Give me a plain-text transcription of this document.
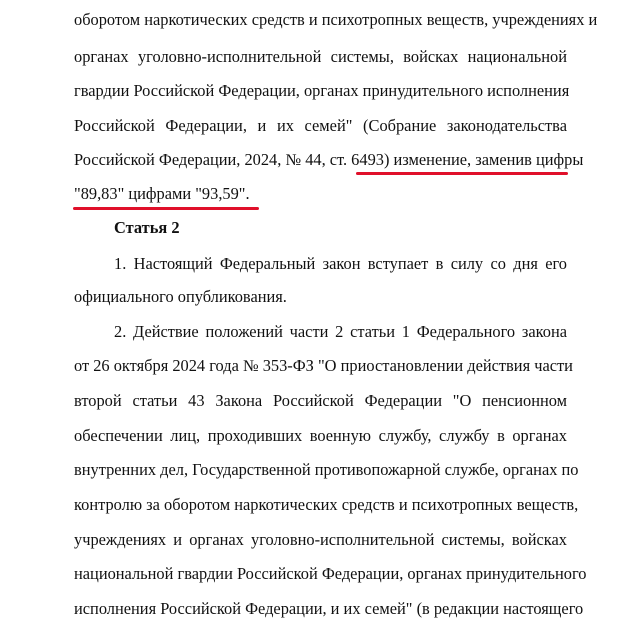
оборотом наркотических средств и психотропных веществ, учреждениях и
органах уголовно-исполнительной системы, войсках национальной
гвардии Российской Федерации, органах принудительного исполнения
Российской Федерации, и их семей" (Собрание законодательства
Российской Федерации, 2024, № 44, ст. 6493) изменение, заменив цифры
"89,83" цифрами "93,59".
Статья 2
1. Настоящий Федеральный закон вступает в силу со дня его
официального опубликования.
2. Действие положений части 2 статьи 1 Федерального закона
от 26 октября 2024 года № 353-ФЗ "О приостановлении действия части
второй статьи 43 Закона Российской Федерации "О пенсионном
обеспечении лиц, проходивших военную службу, службу в органах
внутренних дел, Государственной противопожарной службе, органах по
контролю за оборотом наркотических средств и психотропных веществ,
учреждениях и органах уголовно-исполнительной системы, войсках
национальной гвардии Российской Федерации, органах принудительного
исполнения Российской Федерации, и их семей" (в редакции настоящего
